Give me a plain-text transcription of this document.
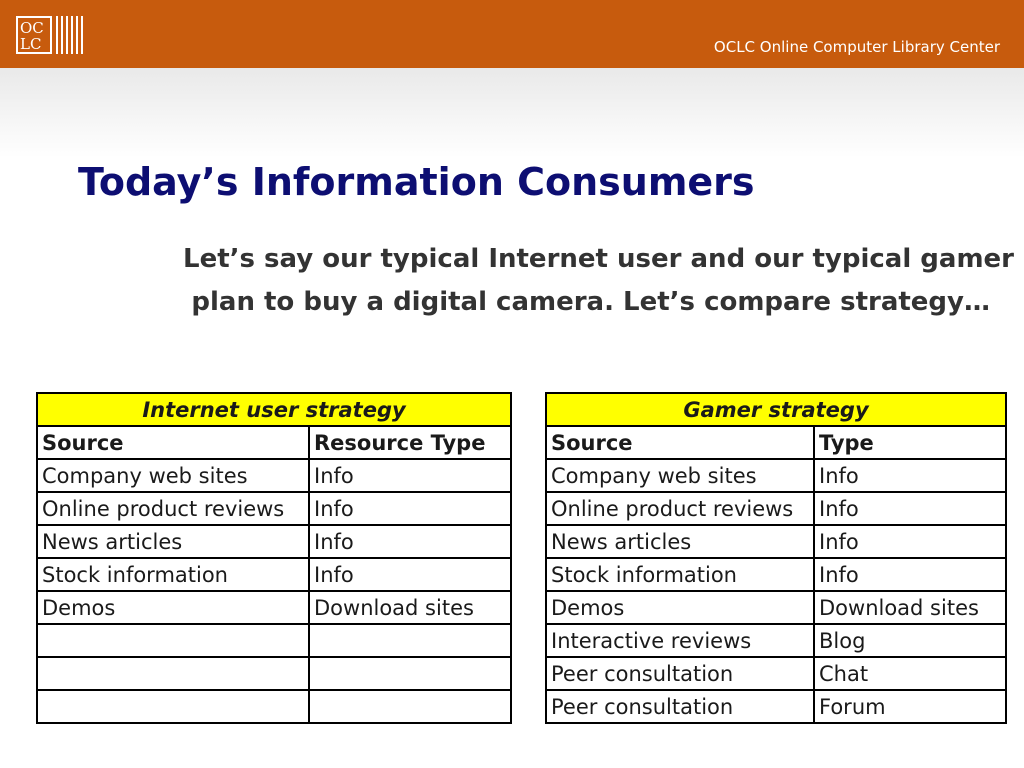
OC
LC	OCLC Online Computer Library Center
Today’s Information Consumers

Let’s say our typical Internet user and our typical gamer
plan to buy a digital camera. Let’s compare strategy…

Internet user strategy	
Source	Resource Type
Company web sites	Info
Online product reviews	Info
News articles	Info
Stock information	Info
Demos	Download sites

Gamer strategy	
Source	Type
Company web sites	Info
Online product reviews	Info
News articles	Info
Stock information	Info
Demos	Download sites
Interactive reviews	Blog
Peer consultation	Chat
Peer consultation	Forum
